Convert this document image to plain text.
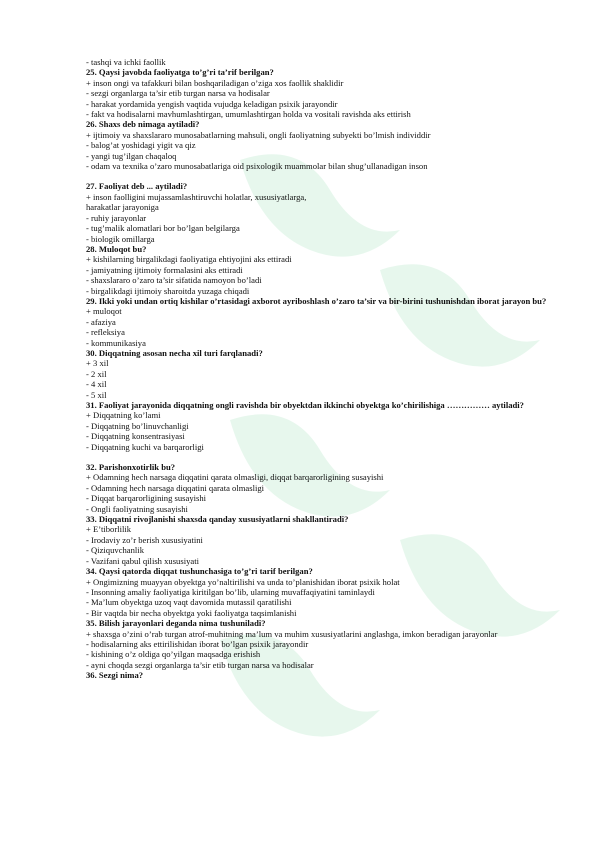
- tashqi va ichki faollik
25. Qaysi javobda faoliyatga to’g’ri ta’rif berilgan?
+ inson ongi va tafakkuri bilan boshqariladigan o’ziga xos faollik shaklidir
- sezgi organlarga ta’sir etib turgan narsa va hodisalar
- harakat yordamida yengish vaqtida vujudga keladigan psixik jarayondir
- fakt va hodisalarni mavhumlashtirgan, umumlashtirgan holda va vositali ravishda aks ettirish
26. Shaxs deb nimaga aytiladi?
+ ijtimoiy va shaxslararo munosabatlarning mahsuli, ongli faoliyatning subyekti bo’lmish individdir
- balog’at yoshidagi yigit va qiz
- yangi tug’ilgan chaqaloq
- odam va texnika o’zaro munosabatlariga oid psixologik muammolar bilan shug’ullanadigan inson
27. Faoliyat deb ... aytiladi?
+ inson faolligini mujassamlashtiruvchi holatlar, xususiyatlarga,
harakatlar jarayoniga
- ruhiy jarayonlar
- tug’malik alomatlari bor bo’lgan belgilarga
- biologik omillarga
28. Muloqot bu?
+ kishilarning birgalikdagi faoliyatiga ehtiyojini aks ettiradi
- jamiyatning ijtimoiy formalasini aks ettiradi
- shaxslararo o’zaro ta’sir sifatida namoyon bo’ladi
- birgalikdagi ijtimoiy sharoitda yuzaga chiqadi
29. Ikki yoki undan ortiq kishilar o’rtasidagi axborot ayriboshlash o’zaro ta’sir va bir-birini tushunishdan iborat jarayon bu?
+ muloqot
- afaziya
- refleksiya
- kommunikasiya
30. Diqqatning asosan necha xil turi farqlanadi?
+ 3 xil
- 2 xil
- 4 xil
- 5 xil
31. Faoliyat jarayonida diqqatning ongli ravishda bir obyektdan ikkinchi obyektga ko’chirilishiga …………… aytiladi?
+ Diqqatning ko’lami
- Diqqatning bo’linuvchanligi
- Diqqatning konsentrasiyasi
- Diqqatning kuchi va barqarorligi
32. Parishonxotirlik bu?
+ Odamning hech narsaga diqqatini qarata olmasligi, diqqat barqarorligining susayishi
- Odamning hech narsaga diqqatini qarata olmasligi
- Diqqat barqarorligining susayishi
- Ongli faoliyatning susayishi
33. Diqqatni rivojlanishi shaxsda qanday xususiyatlarni shakllantiradi?
+ E’tiborlilik
- Irodaviy zo’r berish xususiyatini
- Qiziquvchanlik
- Vazifani qabul qilish xususiyati
34. Qaysi qatorda diqqat tushunchasiga to’g’ri tarif berilgan?
+ Ongimizning muayyan obyektga yo’naltirilishi va unda to’planishidan iborat psixik holat
- Insonning amaliy faoliyatiga kiritilgan bo’lib, ularning muvaffaqiyatini taminlaydi
- Ma’lum obyektga uzoq vaqt davomida mutassil qaratilishi
- Bir vaqtda bir necha obyektga yoki faoliyatga taqsimlanishi
35. Bilish jarayonlari deganda nima tushuniladi?
+ shaxsga o’zini o’rab turgan atrof-muhitning ma’lum va muhim xususiyatlarini anglashga, imkon beradigan jarayonlar
- hodisalarning aks ettirilishidan iborat bo’lgan psixik jarayondir
- kishining o’z oldiga qo’yilgan maqsadga erishish
- ayni choqda sezgi organlarga ta’sir etib turgan narsa va hodisalar
36. Sezgi nima?
